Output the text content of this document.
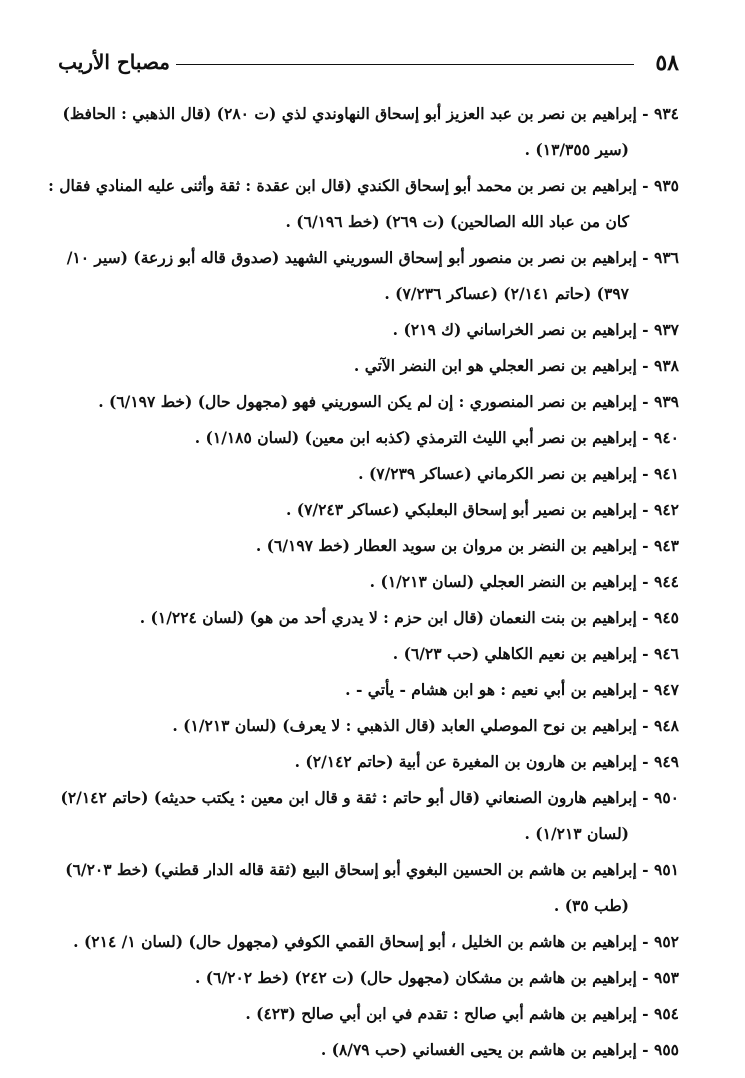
٥٨
مصباح الأريب
٩٣٤ - إبراهيم بن نصر بن عبد العزيز أبو إسحاق النهاوندي لذي (ت ٢٨٠) (قال الذهبي : الحافظ)
(سير ١٣/٣٥٥) .
٩٣٥ - إبراهيم بن نصر بن محمد أبو إسحاق الكندي (قال ابن عقدة : ثقة وأثنى عليه المنادي فقال :
كان من عباد الله الصالحين) (ت ٢٦٩) (خط ٦/١٩٦) .
٩٣٦ - إبراهيم بن نصر بن منصور أبو إسحاق السوريني الشهيد (صدوق قاله أبو زرعة) (سير ١٠/
٣٩٧) (حاتم ٢/١٤١) (عساكر ٧/٢٣٦) .
٩٣٧ - إبراهيم بن نصر الخراساني (ك ٢١٩) .
٩٣٨ - إبراهيم بن نصر العجلي هو ابن النضر الآتي .
٩٣٩ - إبراهيم بن نصر المنصوري : إن لم يكن السوريني فهو (مجهول حال) (خط ٦/١٩٧) .
٩٤٠ - إبراهيم بن نصر أبي الليث الترمذي (كذبه ابن معين) (لسان ١/١٨٥) .
٩٤١ - إبراهيم بن نصر الكرماني (عساكر ٧/٢٣٩) .
٩٤٢ - إبراهيم بن نصير أبو إسحاق البعلبكي (عساكر ٧/٢٤٣) .
٩٤٣ - إبراهيم بن النضر بن مروان بن سويد العطار (خط ٦/١٩٧) .
٩٤٤ - إبراهيم بن النضر العجلي (لسان ١/٢١٣) .
٩٤٥ - إبراهيم بن بنت النعمان (قال ابن حزم : لا يدري أحد من هو) (لسان ١/٢٢٤) .
٩٤٦ - إبراهيم بن نعيم الكاهلي (حب ٦/٢٣) .
٩٤٧ - إبراهيم بن أبي نعيم : هو ابن هشام - يأتي - .
٩٤٨ - إبراهيم بن نوح الموصلي العابد (قال الذهبي : لا يعرف) (لسان ١/٢١٣) .
٩٤٩ - إبراهيم بن هارون بن المغيرة عن أبية (حاتم ٢/١٤٢) .
٩٥٠ - إبراهيم هارون الصنعاني (قال أبو حاتم : ثقة و قال ابن معين : يكتب حديثه) (حاتم ٢/١٤٢)
(لسان ١/٢١٣) .
٩٥١ - إبراهيم بن هاشم بن الحسين البغوي أبو إسحاق البيع (ثقة قاله الدار قطني) (خط ٦/٢٠٣)
(طب ٣٥) .
٩٥٢ - إبراهيم بن هاشم بن الخليل ، أبو إسحاق القمي الكوفي (مجهول حال) (لسان ١/ ٢١٤) .
٩٥٣ - إبراهيم بن هاشم بن مشكان (مجهول حال) (ت ٢٤٢) (خط ٦/٢٠٢) .
٩٥٤ - إبراهيم بن هاشم أبي صالح : تقدم في ابن أبي صالح (٤٢٣) .
٩٥٥ - إبراهيم بن هاشم بن يحيى الغساني (حب ٨/٧٩) .
